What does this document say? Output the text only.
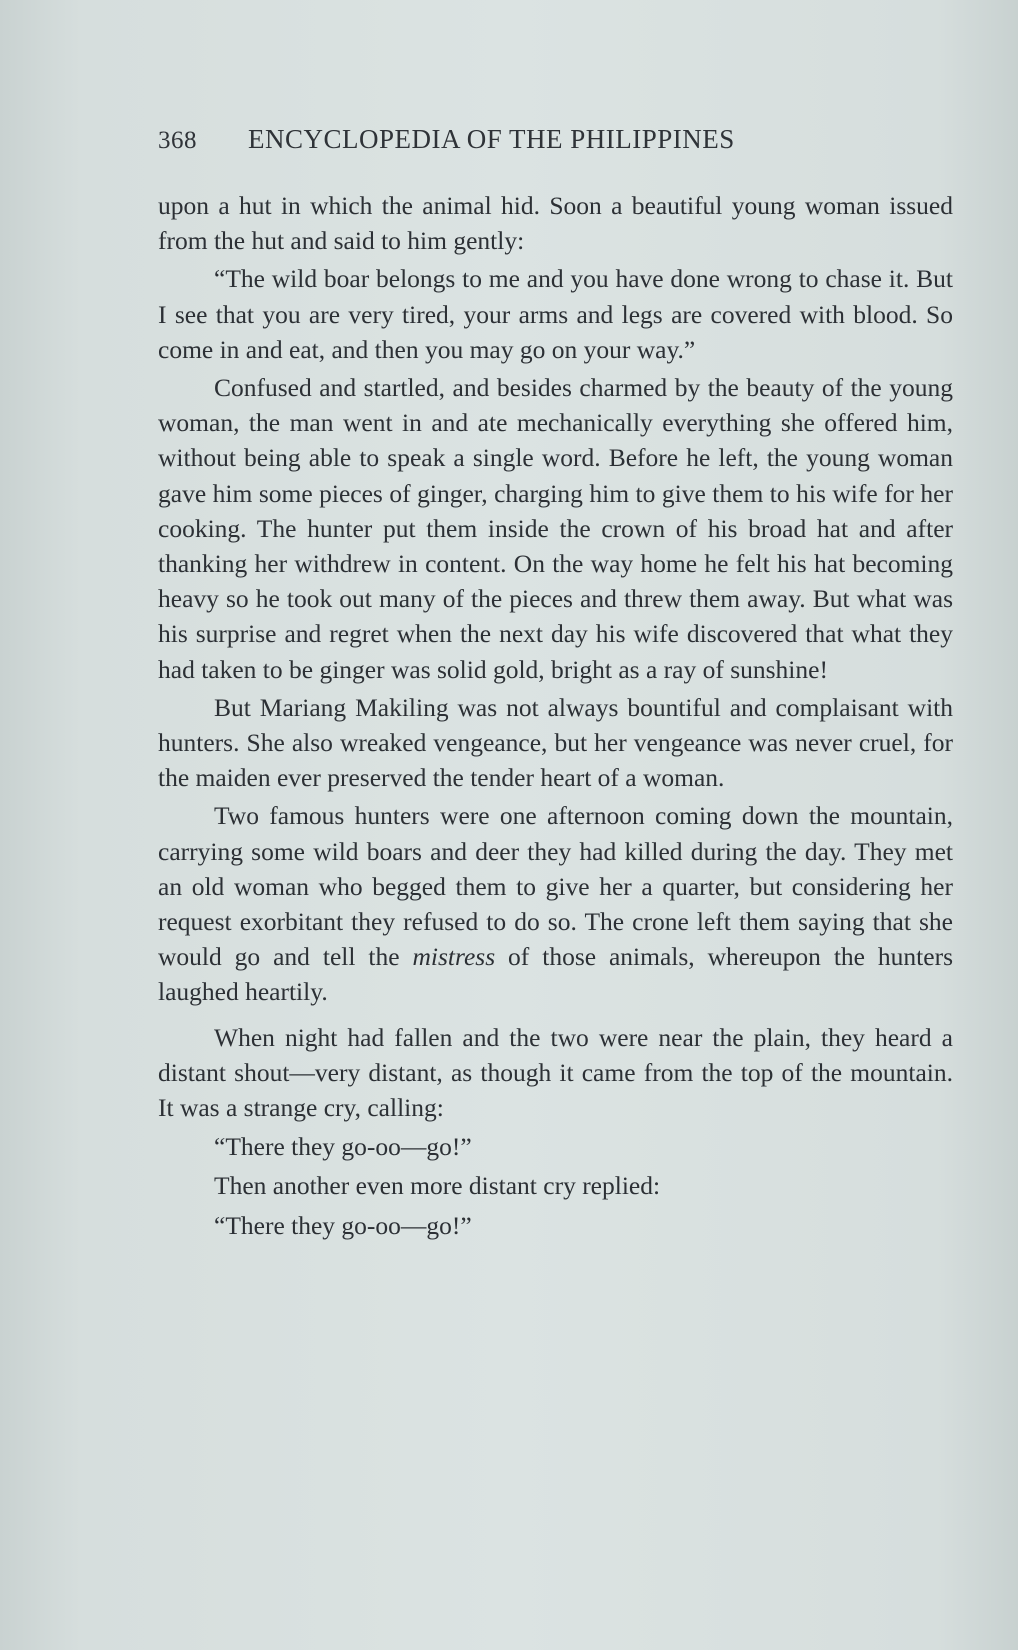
368 ENCYCLOPEDIA OF THE PHILIPPINES

upon a hut in which the animal hid. Soon a beautiful young woman issued from the hut and said to him gently:

“The wild boar belongs to me and you have done wrong to chase it. But I see that you are very tired, your arms and legs are covered with blood. So come in and eat, and then you may go on your way.”

Confused and startled, and besides charmed by the beauty of the young woman, the man went in and ate mechanically everything she offered him, without being able to speak a single word. Before he left, the young woman gave him some pieces of ginger, charging him to give them to his wife for her cooking. The hunter put them inside the crown of his broad hat and after thanking her withdrew in content. On the way home he felt his hat becoming heavy so he took out many of the pieces and threw them away. But what was his surprise and regret when the next day his wife discovered that what they had taken to be ginger was solid gold, bright as a ray of sunshine!

But Mariang Makiling was not always bountiful and complaisant with hunters. She also wreaked vengeance, but her vengeance was never cruel, for the maiden ever preserved the tender heart of a woman.

Two famous hunters were one afternoon coming down the mountain, carrying some wild boars and deer they had killed during the day. They met an old woman who begged them to give her a quarter, but considering her request exorbitant they refused to do so. The crone left them saying that she would go and tell the mistress of those animals, whereupon the hunters laughed heartily.

When night had fallen and the two were near the plain, they heard a distant shout—very distant, as though it came from the top of the mountain. It was a strange cry, calling:

“There they go-oo—go!”

Then another even more distant cry replied:

“There they go-oo—go!”
